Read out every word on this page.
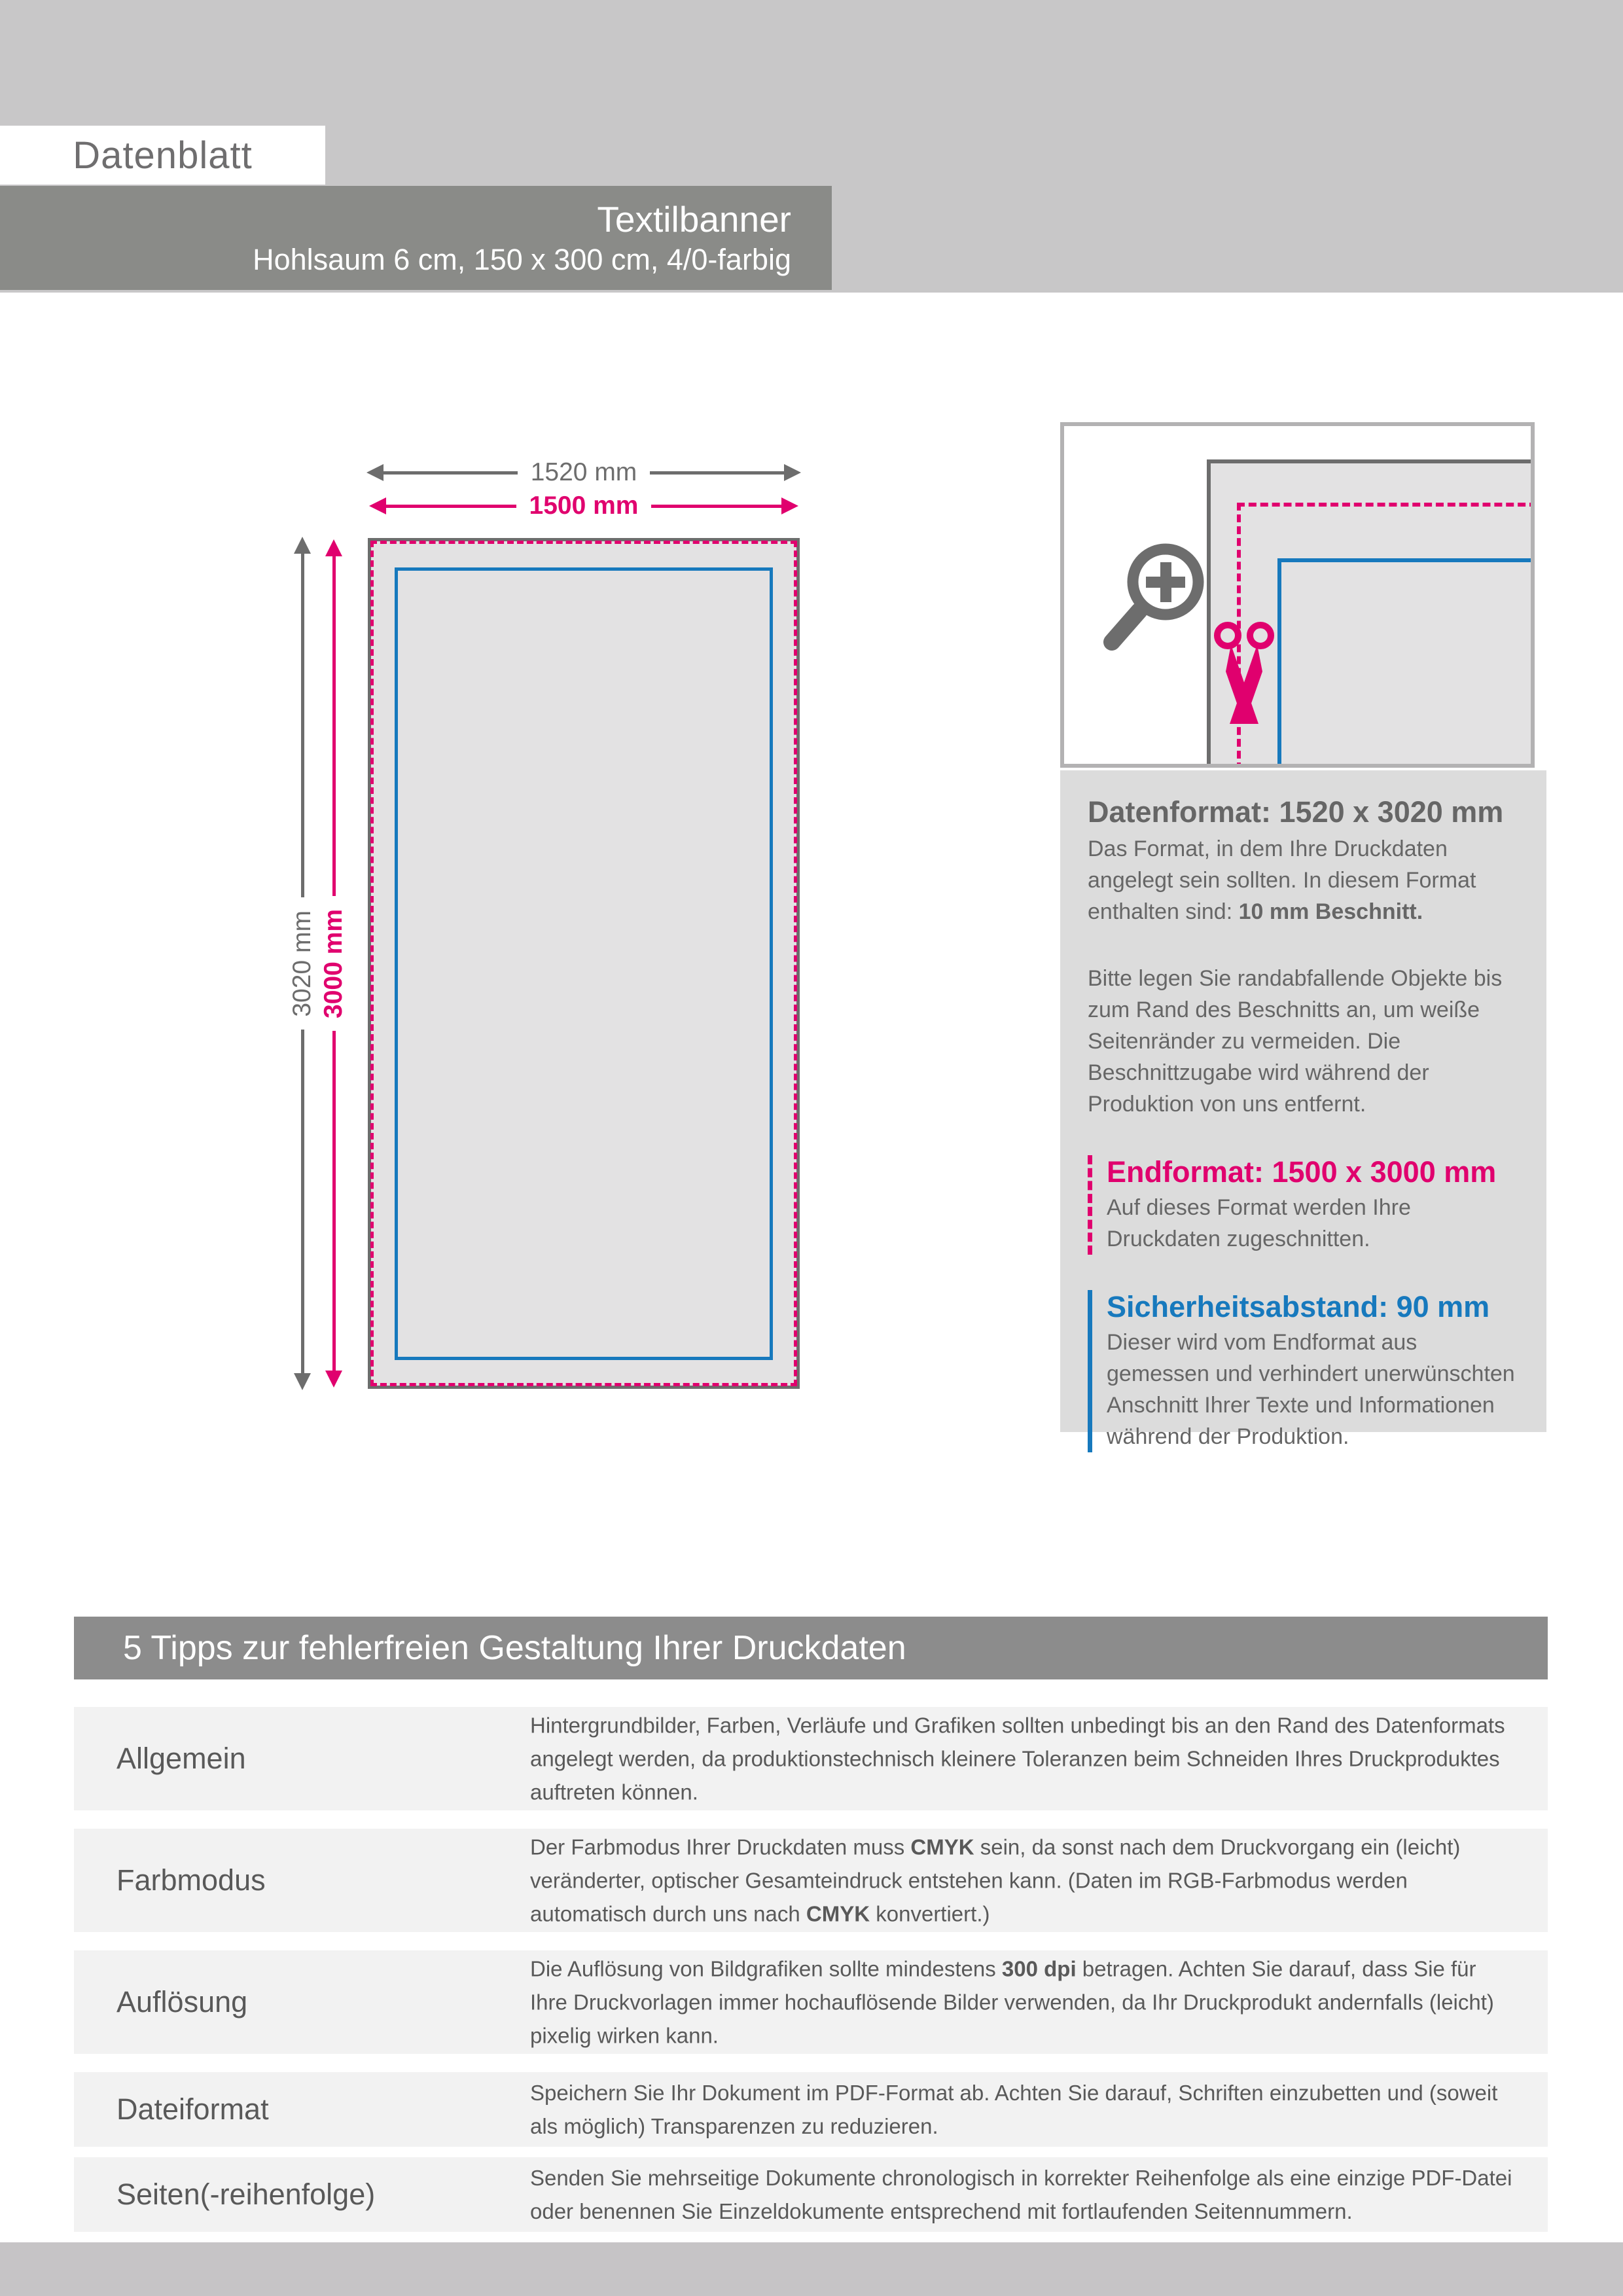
Datenblatt
Textilbanner
Hohlsaum 6 cm, 150 x 300 cm, 4/0-farbig
1520 mm
1500 mm
3020 mm 3000 mm
Datenformat: 1520 x 3020 mm

Das Format, in dem Ihre Druckdaten angelegt sein sollten. In diesem Format enthalten sind: 10 mm Beschnitt.

Bitte legen Sie randabfallende Objekte bis zum Rand des Beschnitts an, um weiße Seitenränder zu vermeiden. Die Beschnittzugabe wird während der Produktion von uns entfernt.

Endformat: 1500 x 3000 mm

Auf dieses Format werden Ihre Druckdaten zugeschnitten.

Sicherheitsabstand: 90 mm

Dieser wird vom Endformat aus gemessen und verhindert unerwünschten Anschnitt Ihrer Texte und Informationen während der Produktion.

5 Tipps zur fehlerfreien Gestaltung Ihrer Druckdaten
Allgemein
Hintergrundbilder, Farben, Verläufe und Grafiken sollten unbedingt bis an den Rand des Datenformats angelegt werden, da produktionstechnisch kleinere Toleranzen beim Schneiden Ihres Druckproduktes auftreten können.
Farbmodus
Der Farbmodus Ihrer Druckdaten muss CMYK sein, da sonst nach dem Druckvorgang ein (leicht) veränderter, optischer Gesamteindruck entstehen kann. (Daten im RGB-Farbmodus werden automatisch durch uns nach CMYK konvertiert.)
Auflösung
Die Auflösung von Bildgrafiken sollte mindestens 300 dpi betragen. Achten Sie darauf, dass Sie für Ihre Druckvorlagen immer hochauflösende Bilder verwenden, da Ihr Druckprodukt andernfalls (leicht) pixelig wirken kann.
Dateiformat	Speichern Sie Ihr Dokument im PDF-Format ab. Achten Sie darauf, Schriften einzubetten und (soweit als möglich) Transparenzen zu reduzieren.
Seiten(-reihenfolge)	Senden Sie mehrseitige Dokumente chronologisch in korrekter Reihenfolge als eine einzige PDF-Datei oder benennen Sie Einzeldokumente entsprechend mit fortlaufenden Seitennummern.
